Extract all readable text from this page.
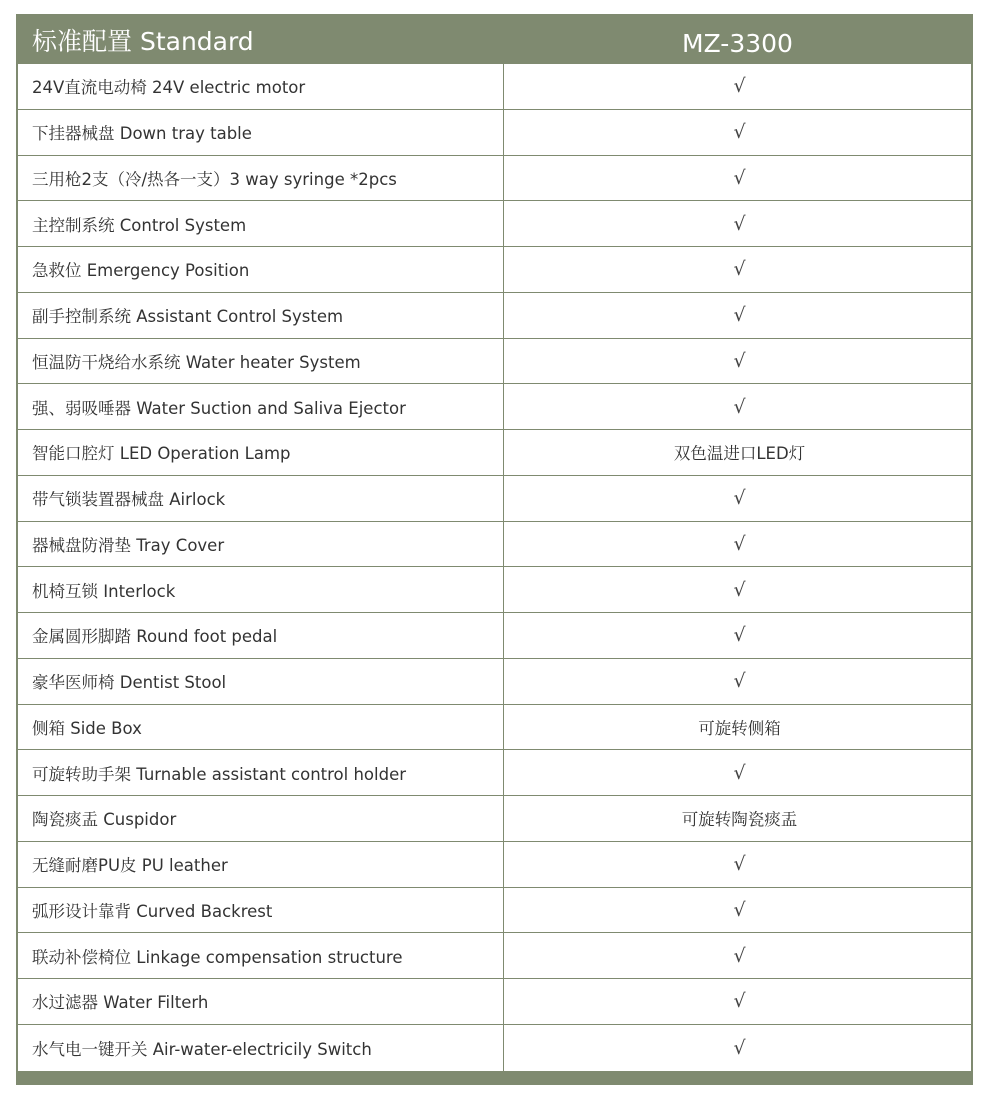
标准配置 Standard	MZ-3300
24V直流电动椅 24V electric motor	√
下挂器械盘 Down tray table	√
三用枪2支（冷/热各一支）3 way syringe *2pcs	√
主控制系统 Control System	√
急救位 Emergency Position	√
副手控制系统 Assistant Control System	√
恒温防干烧给水系统 Water heater System	√
强、弱吸唾器 Water Suction and Saliva Ejector	√
智能口腔灯 LED Operation Lamp	双色温进口LED灯
带气锁装置器械盘 Airlock	√
器械盘防滑垫 Tray Cover	√
机椅互锁 Interlock	√
金属圆形脚踏 Round foot pedal	√
豪华医师椅 Dentist Stool	√
侧箱 Side Box	可旋转侧箱
可旋转助手架 Turnable assistant control holder	√
陶瓷痰盂 Cuspidor	可旋转陶瓷痰盂
无缝耐磨PU皮 PU leather	√
弧形设计靠背 Curved Backrest	√
联动补偿椅位 Linkage compensation structure	√
水过滤器 Water Filterh	√
水气电一键开关 Air-water-electricily Switch	√
